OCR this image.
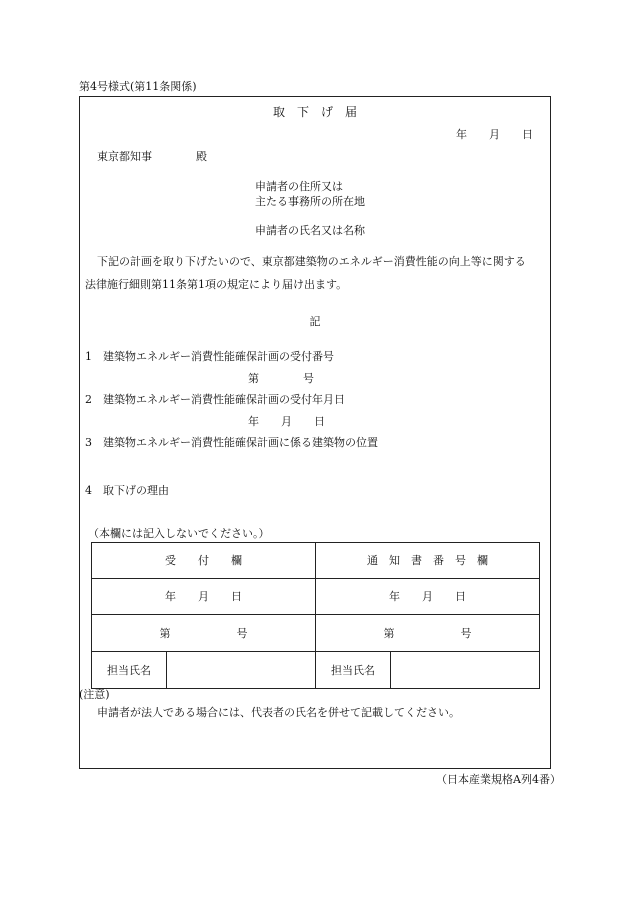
第4号様式(第11条関係)
取　下　げ　届
年　　月　　日
東京都知事　　　　殿
申請者の住所又は
主たる事務所の所在地
申請者の氏名又は名称
下記の計画を取り下げたいので、東京都建築物のエネルギー消費性能の向上等に関する
法律施行細則第11条第1項の規定により届け出ます。
記
1　建築物エネルギー消費性能確保計画の受付番号
第　　　　号
2　建築物エネルギー消費性能確保計画の受付年月日
年　　月　　日
3　建築物エネルギー消費性能確保計画に係る建築物の位置
4　取下げの理由
（本欄には記入しないでください。）
受　　付　　欄		通　知　書　番　号　欄	
年　　月　　日		年　　月　　日	
第　　　　　　号		第　　　　　　号	
担当氏名		担当氏名	
(注意)
申請者が法人である場合には、代表者の氏名を併せて記載してください。
（日本産業規格A列4番）
